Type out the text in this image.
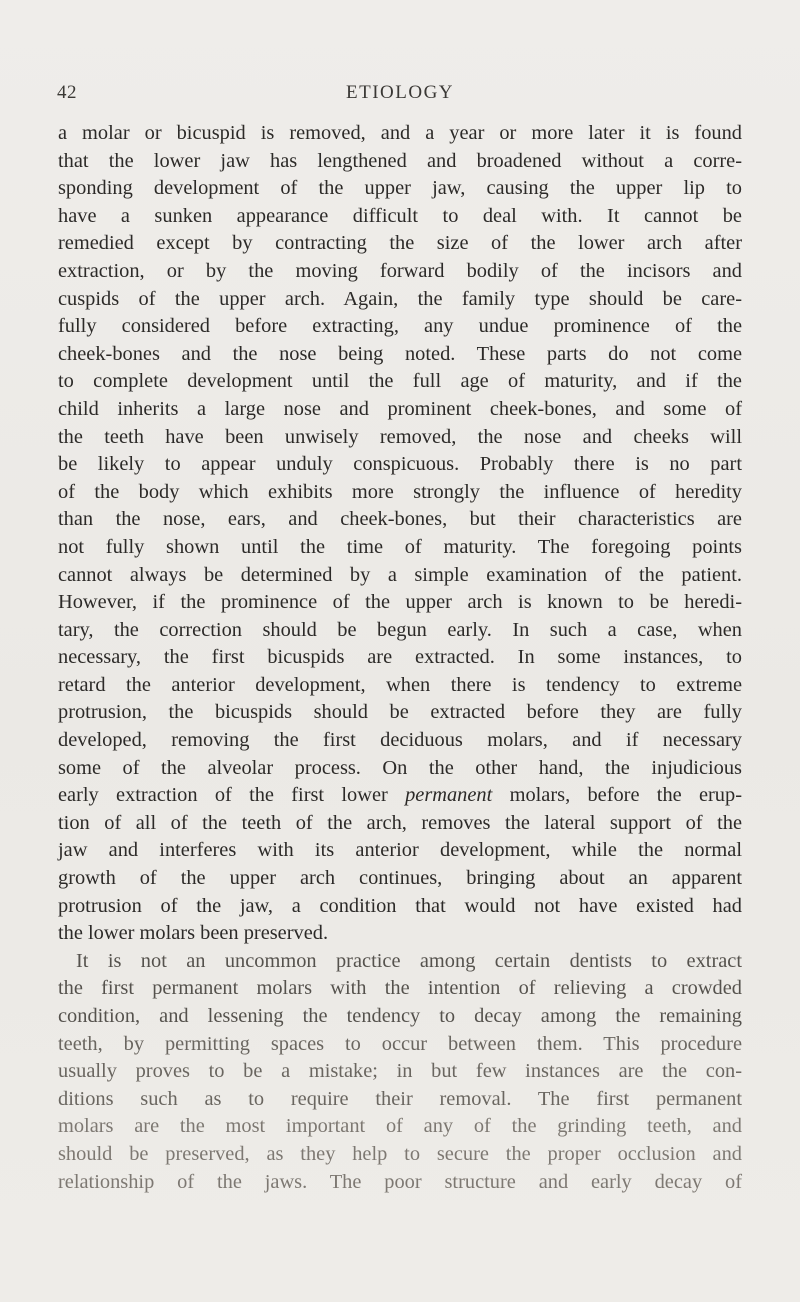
42	ETIOLOGY
a molar or bicuspid is removed, and a year or more later it is found
that the lower jaw has lengthened and broadened without a corre-
sponding development of the upper jaw, causing the upper lip to
have a sunken appearance difficult to deal with. It cannot be
remedied except by contracting the size of the lower arch after
extraction, or by the moving forward bodily of the incisors and
cuspids of the upper arch. Again, the family type should be care-
fully considered before extracting, any undue prominence of the
cheek-bones and the nose being noted. These parts do not come
to complete development until the full age of maturity, and if the
child inherits a large nose and prominent cheek-bones, and some of
the teeth have been unwisely removed, the nose and cheeks will
be likely to appear unduly conspicuous. Probably there is no part
of the body which exhibits more strongly the influence of heredity
than the nose, ears, and cheek-bones, but their characteristics are
not fully shown until the time of maturity. The foregoing points
cannot always be determined by a simple examination of the patient.
However, if the prominence of the upper arch is known to be heredi-
tary, the correction should be begun early. In such a case, when
necessary, the first bicuspids are extracted. In some instances, to
retard the anterior development, when there is tendency to extreme
protrusion, the bicuspids should be extracted before they are fully
developed, removing the first deciduous molars, and if necessary
some of the alveolar process. On the other hand, the injudicious
early extraction of the first lower permanent molars, before the erup-
tion of all of the teeth of the arch, removes the lateral support of the
jaw and interferes with its anterior development, while the normal
growth of the upper arch continues, bringing about an apparent
protrusion of the jaw, a condition that would not have existed had
the lower molars been preserved.
It is not an uncommon practice among certain dentists to extract
the first permanent molars with the intention of relieving a crowded
condition, and lessening the tendency to decay among the remaining
teeth, by permitting spaces to occur between them. This procedure
usually proves to be a mistake; in but few instances are the con-
ditions such as to require their removal. The first permanent
molars are the most important of any of the grinding teeth, and
should be preserved, as they help to secure the proper occlusion and
relationship of the jaws. The poor structure and early decay of
